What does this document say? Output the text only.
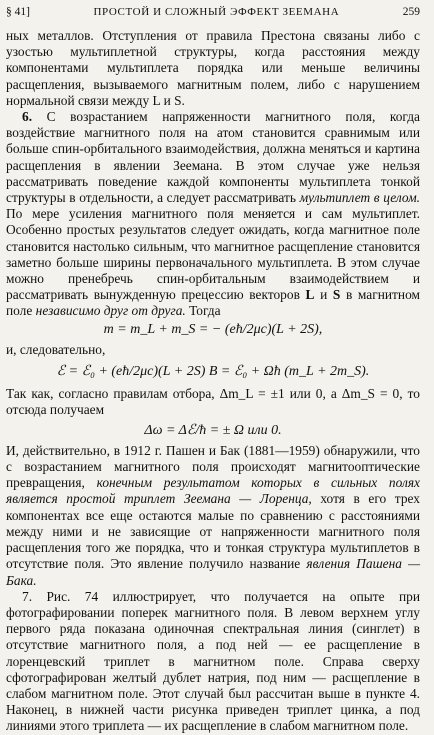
§ 41]	ПРОСТОЙ И СЛОЖНЫЙ ЭФФЕКТ ЗЕЕМАНА	259

ных металлов. Отступления от правила Престона связаны либо с узостью мультиплетной структуры, когда расстояния между компонентами мультиплета порядка или меньше величины расщепления, вызываемого магнитным полем, либо с нарушением нормальной связи между L и S.

6. С возрастанием напряженности магнитного поля, когда воздействие магнитного поля на атом становится сравнимым или больше спин-орбитального взаимодействия, должна меняться и картина расщепления в явлении Зеемана. В этом случае уже нельзя рассматривать поведение каждой компоненты мультиплета тонкой структуры в отдельности, а следует рассматривать мультиплет в целом. По мере усиления магнитного поля меняется и сам мультиплет. Особенно простых результатов следует ожидать, когда магнитное поле становится настолько сильным, что магнитное расщепление становится заметно больше ширины первоначального мультиплета. В этом случае можно пренебречь спин-орбитальным взаимодействием и рассматривать вынужденную прецессию векторов L и S в магнитном поле независимо друг от друга. Тогда

m = m_L + m_S = − (eħ/2μc)(L + 2S),

и, следовательно,

ℰ = ℰ₀ + (eħ/2μc)(L + 2S) B = ℰ₀ + Ωħ (m_L + 2m_S).

Так как, согласно правилам отбора, Δm_L = ±1 или 0, а Δm_S = 0, то отсюда получаем

Δω = Δℰ/ħ = ± Ω или 0.

И, действительно, в 1912 г. Пашен и Бак (1881—1959) обнаружили, что с возрастанием магнитного поля происходят магнитооптические превращения, конечным результатом которых в сильных полях является простой триплет Зеемана — Лоренца, хотя в его трех компонентах все еще остаются малые по сравнению с расстояниями между ними и не зависящие от напряженности магнитного поля расщепления того же порядка, что и тонкая структура мультиплетов в отсутствие поля. Это явление получило название явления Пашена — Бака.

7. Рис. 74 иллюстрирует, что получается на опыте при фотографировании поперек магнитного поля. В левом верхнем углу первого ряда показана одиночная спектральная линия (синглет) в отсутствие магнитного поля, а под ней — ее расщепление в лоренцевский триплет в магнитном поле. Справа сверху сфотографирован желтый дублет натрия, под ним — расщепление в слабом магнитном поле. Этот случай был рассчитан выше в пункте 4. Наконец, в нижней части рисунка приведен триплет цинка, а под линиями этого триплета — их расщепление в слабом магнитном поле.
